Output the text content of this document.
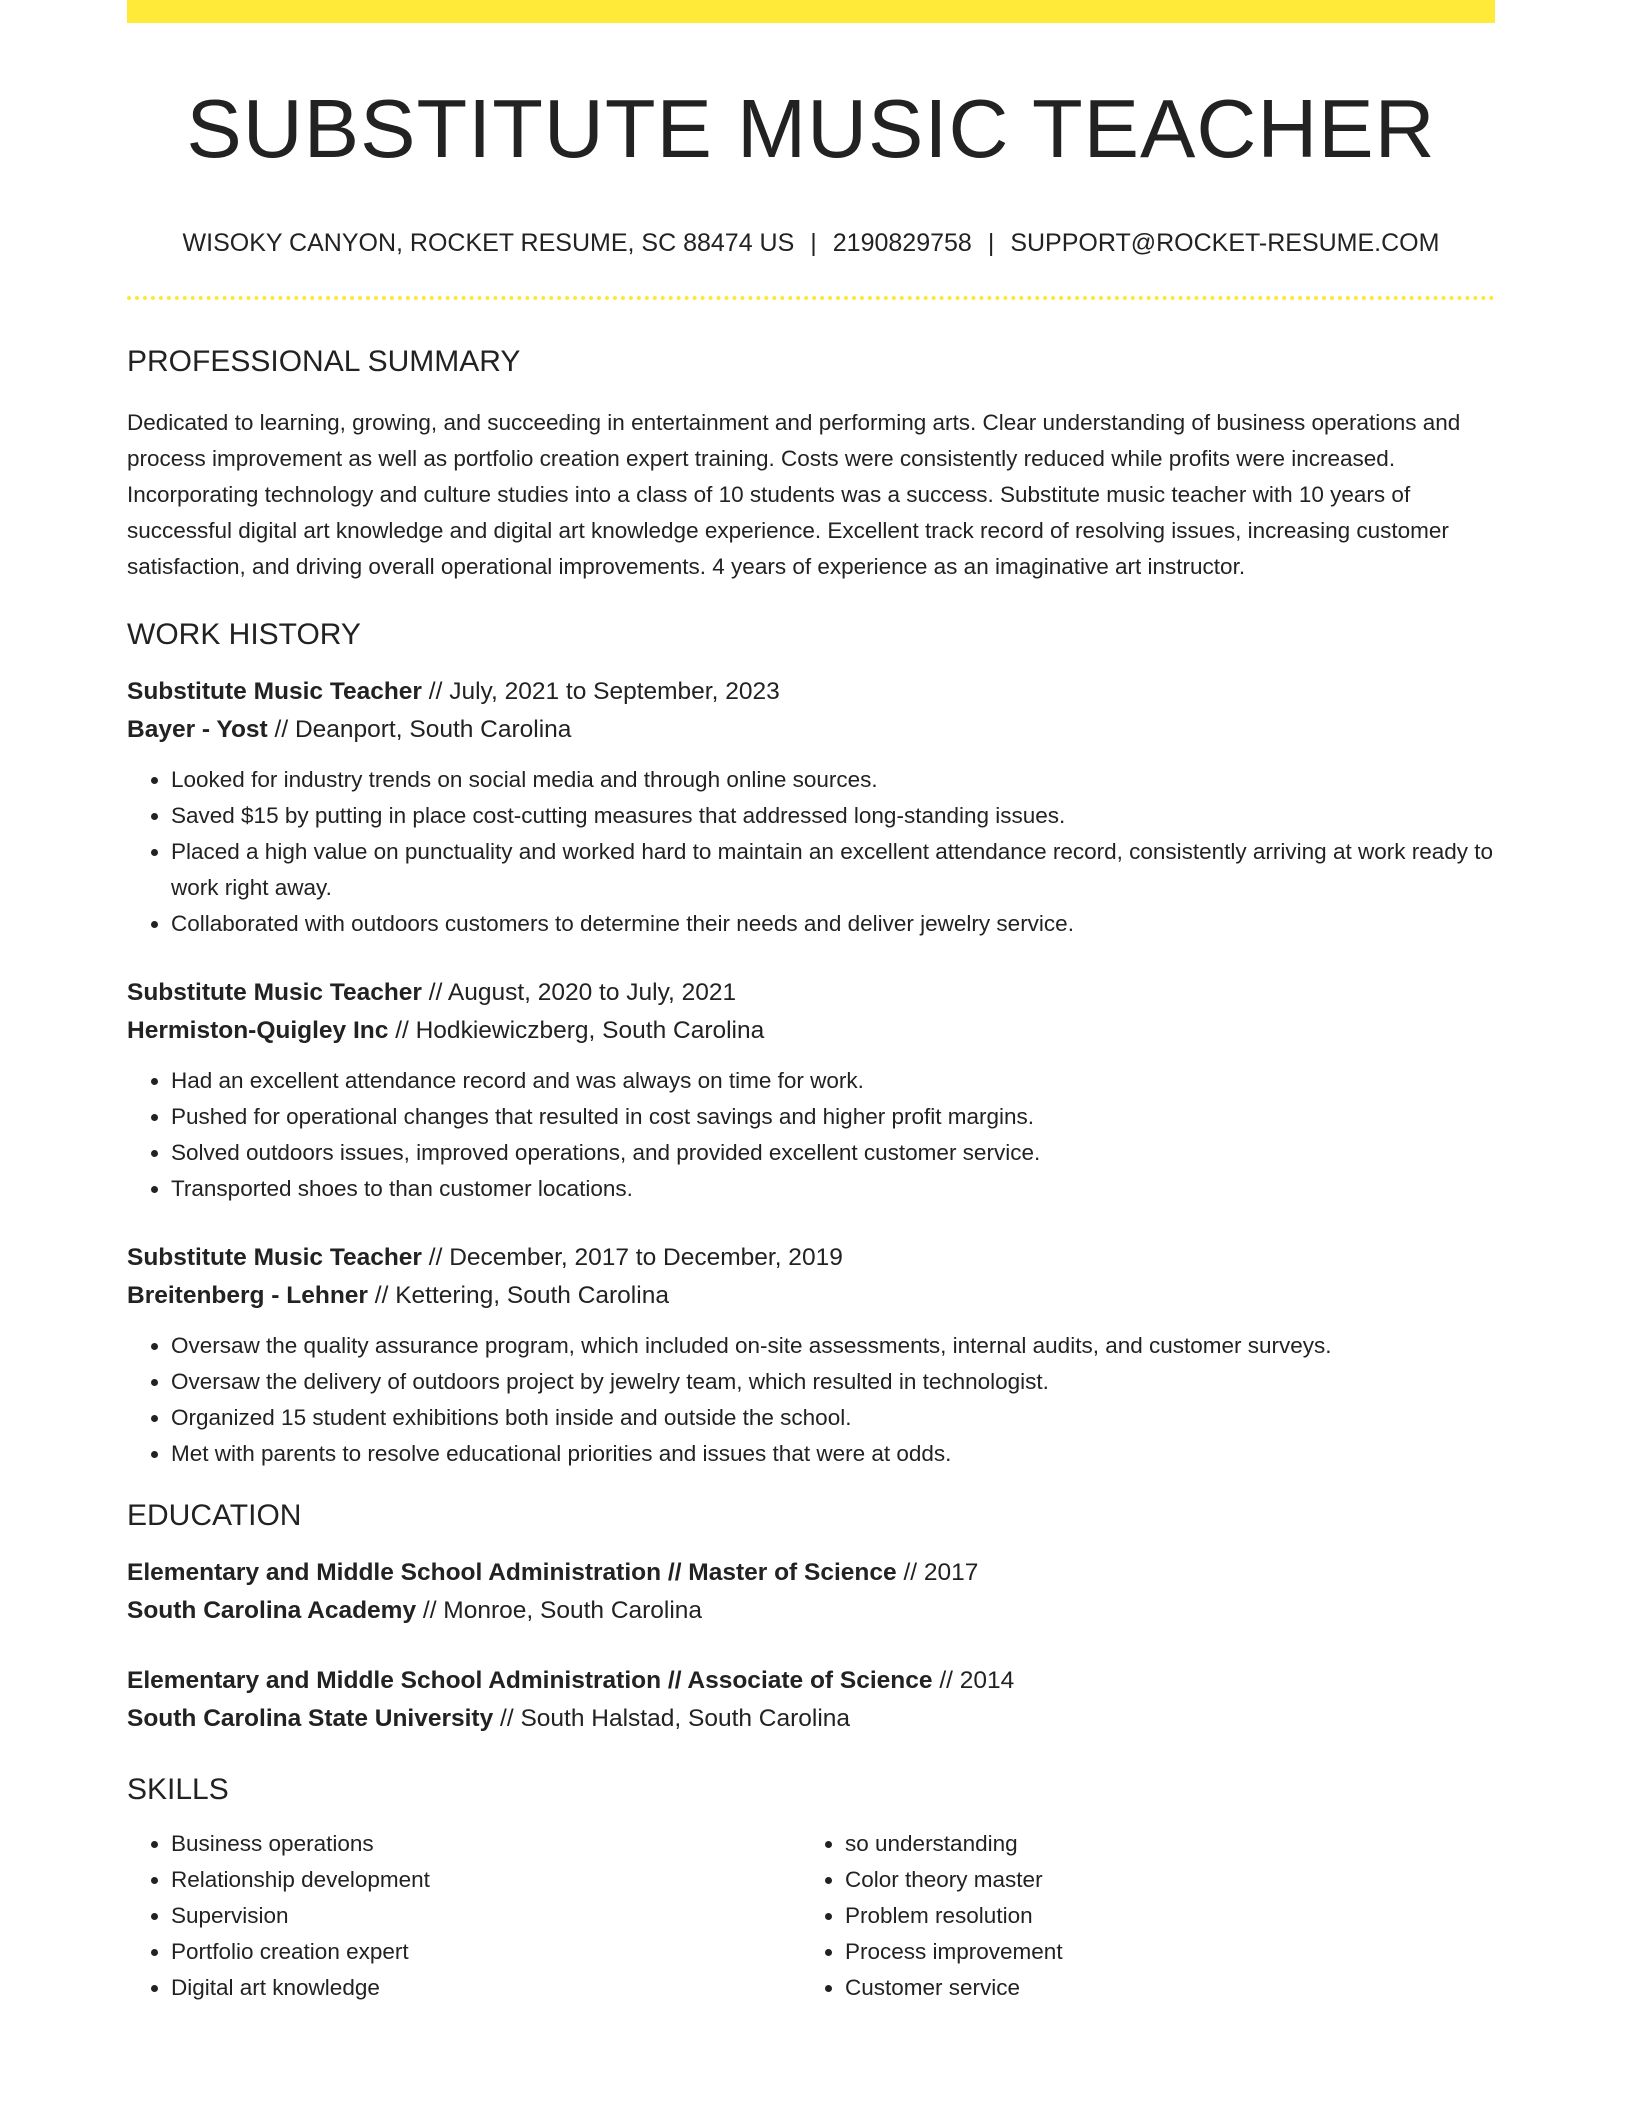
SUBSTITUTE MUSIC TEACHER
WISOKY CANYON, ROCKET RESUME, SC 88474 US | 2190829758 | SUPPORT@ROCKET-RESUME.COM
PROFESSIONAL SUMMARY

Dedicated to learning, growing, and succeeding in entertainment and performing arts. Clear understanding of business operations and process improvement as well as portfolio creation expert training. Costs were consistently reduced while profits were increased. Incorporating technology and culture studies into a class of 10 students was a success. Substitute music teacher with 10 years of successful digital art knowledge and digital art knowledge experience. Excellent track record of resolving issues, increasing customer satisfaction, and driving overall operational improvements. 4 years of experience as an imaginative art instructor.

WORK HISTORY
Substitute Music Teacher // July, 2021 to September, 2023
Bayer - Yost // Deanport, South Carolina
• Looked for industry trends on social media and through online sources.
• Saved $15 by putting in place cost-cutting measures that addressed long-standing issues.
• Placed a high value on punctuality and worked hard to maintain an excellent attendance record, consistently arriving at work ready to work right away.
• Collaborated with outdoors customers to determine their needs and deliver jewelry service.
Substitute Music Teacher // August, 2020 to July, 2021
Hermiston-Quigley Inc // Hodkiewiczberg, South Carolina
• Had an excellent attendance record and was always on time for work.
• Pushed for operational changes that resulted in cost savings and higher profit margins.
• Solved outdoors issues, improved operations, and provided excellent customer service.
• Transported shoes to than customer locations.
Substitute Music Teacher // December, 2017 to December, 2019
Breitenberg - Lehner // Kettering, South Carolina
• Oversaw the quality assurance program, which included on-site assessments, internal audits, and customer surveys.
• Oversaw the delivery of outdoors project by jewelry team, which resulted in technologist.
• Organized 15 student exhibitions both inside and outside the school.
• Met with parents to resolve educational priorities and issues that were at odds.
EDUCATION
Elementary and Middle School Administration // Master of Science // 2017
South Carolina Academy // Monroe, South Carolina
Elementary and Middle School Administration // Associate of Science // 2014
South Carolina State University // South Halstad, South Carolina
SKILLS
• Business operations
• Relationship development
• Supervision
• Portfolio creation expert
• Digital art knowledge
• so understanding
• Color theory master
• Problem resolution
• Process improvement
• Customer service
